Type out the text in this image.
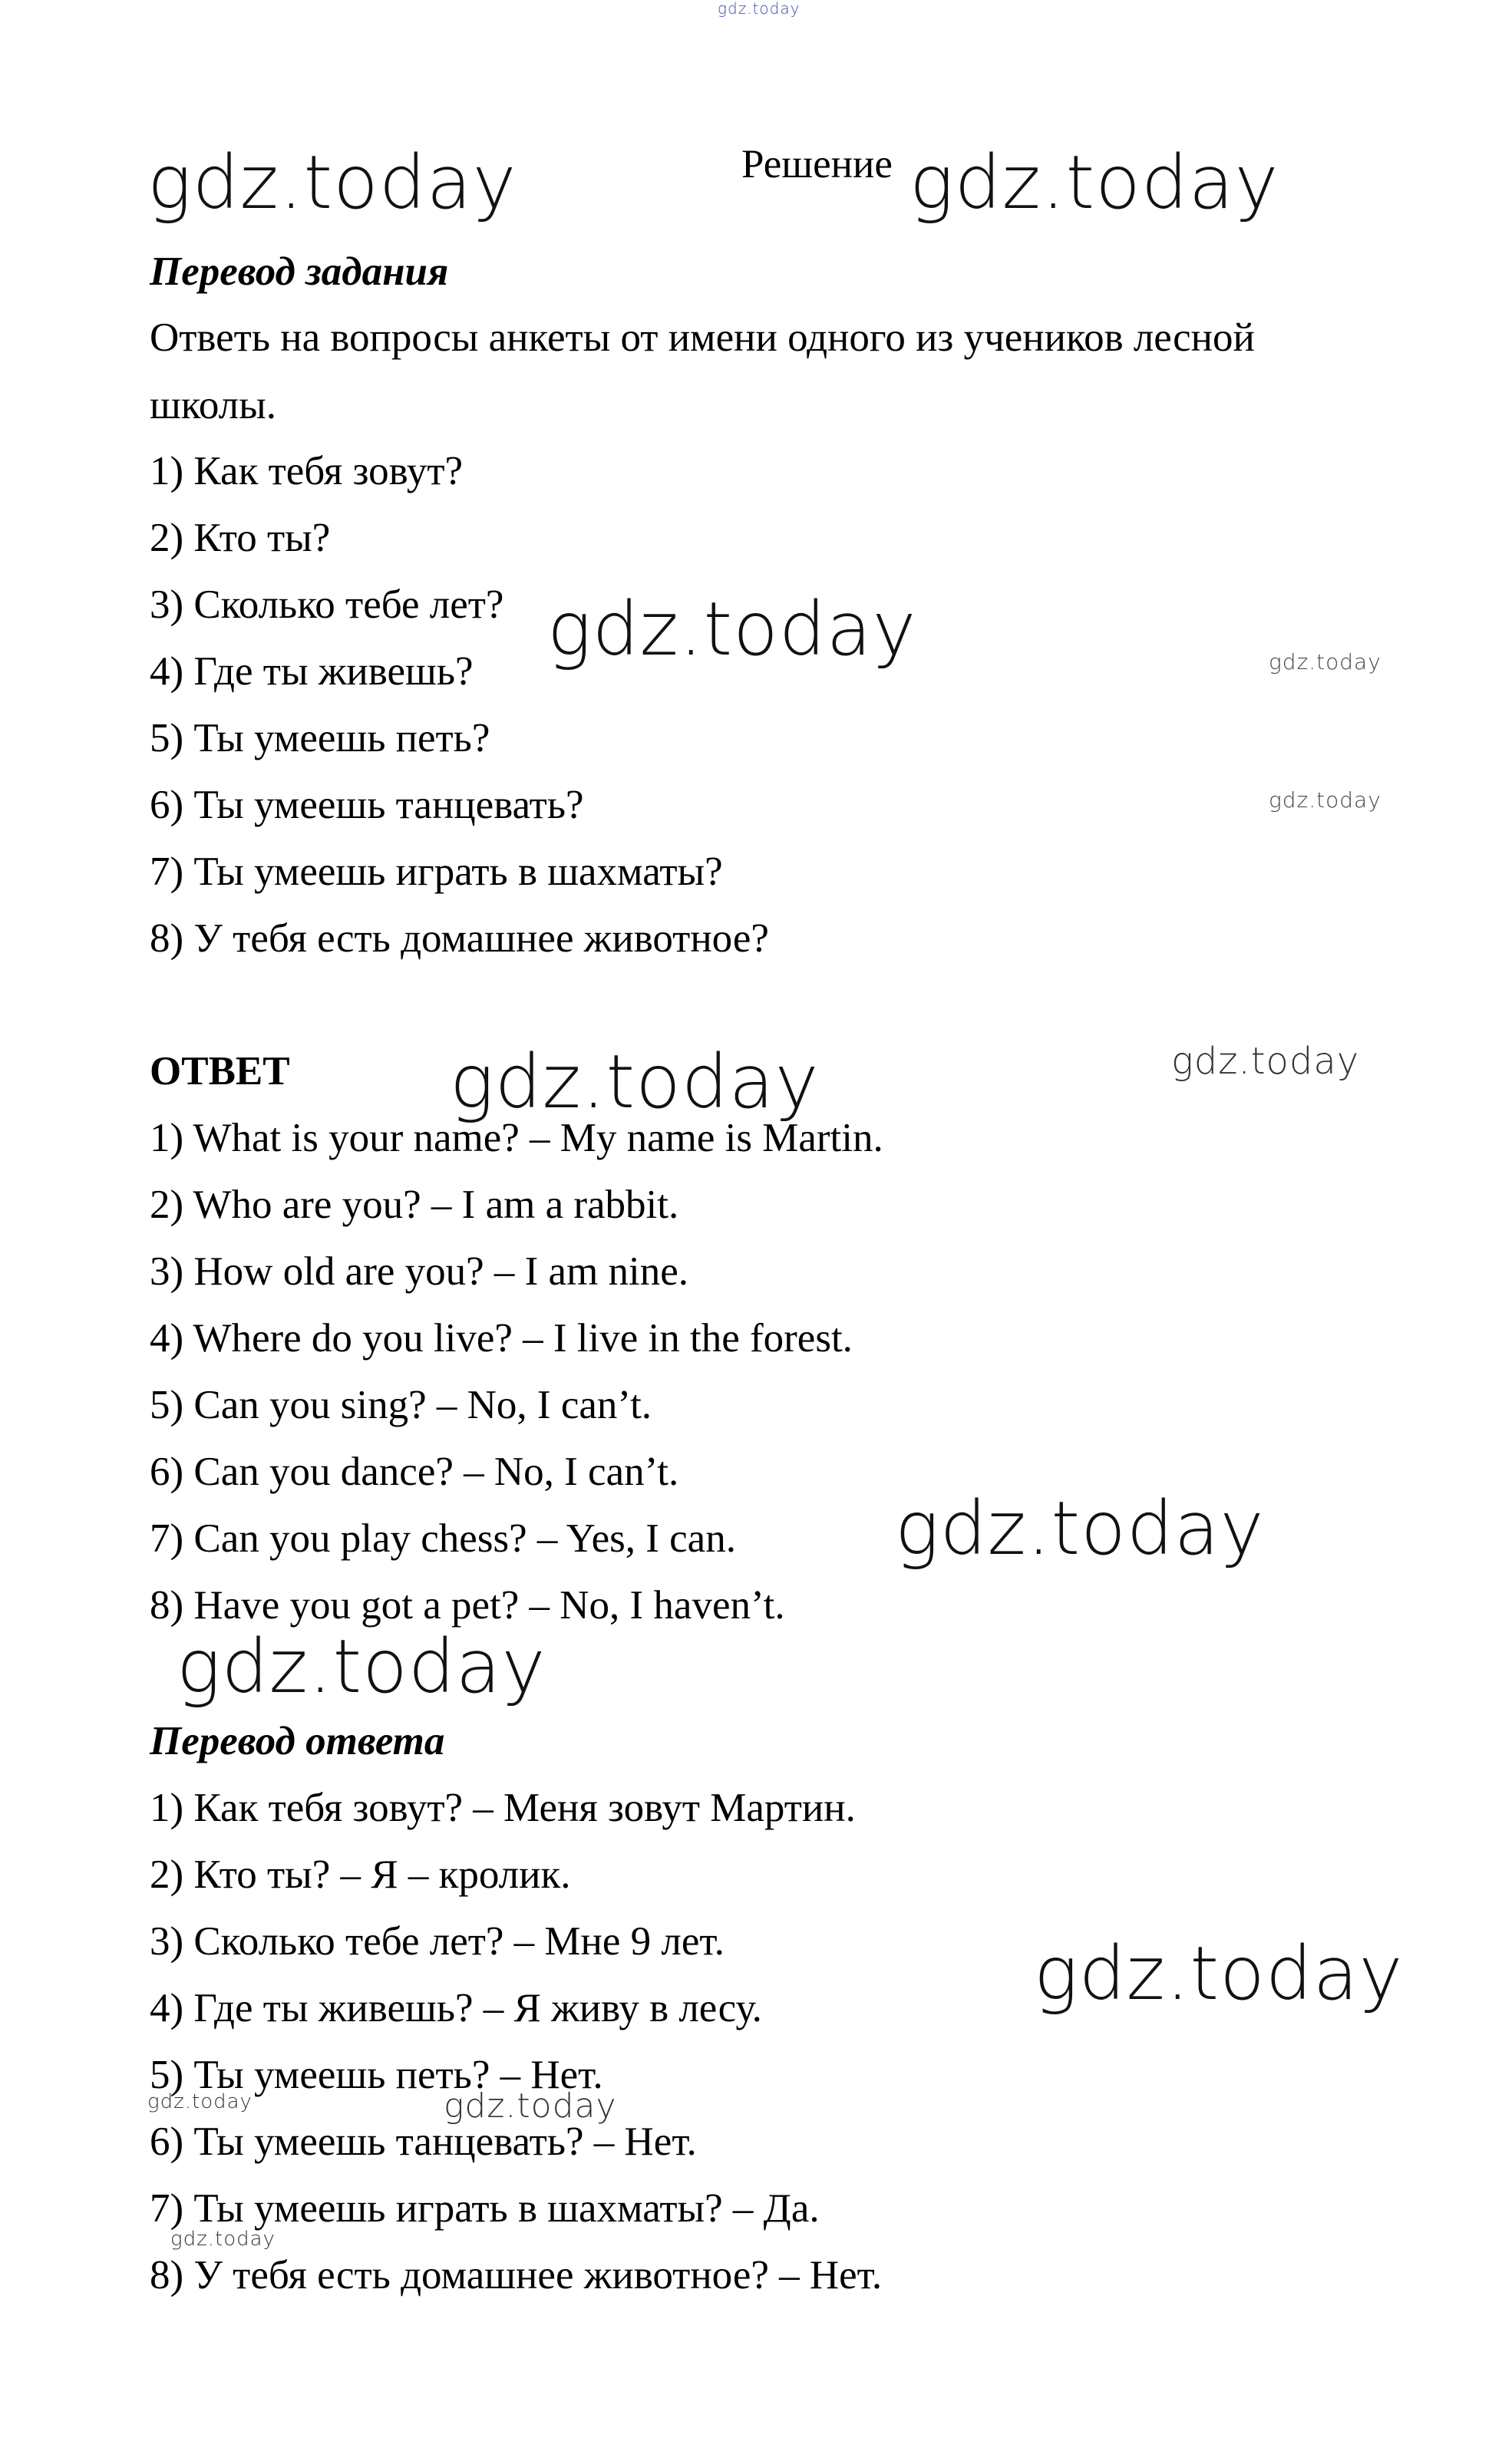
gdz.today
gdz.today	gdz.today
gdz.today	gdz.today
gdz.today
gdz.today	gdz.today
gdz.today
gdz.today
gdz.today
gdz.today	gdz.today
gdz.today
Решение
Перевод задания
Ответь на вопросы анкеты от имени одного из учеников лесной
школы.
1) Как тебя зовут?
2) Кто ты?
3) Сколько тебе лет?
4) Где ты живешь?
5) Ты умеешь петь?
6) Ты умеешь танцевать?
7) Ты умеешь играть в шахматы?
8) У тебя есть домашнее животное?
ОТВЕТ
1) What is your name? – My name is Martin.
2) Who are you? – I am a rabbit.
3) How old are you? – I am nine.
4) Where do you live? – I live in the forest.
5) Can you sing? – No, I can’t.
6) Can you dance? – No, I can’t.
7) Can you play chess? – Yes, I can.
8) Have you got a pet? – No, I haven’t.
Перевод ответа
1) Как тебя зовут? – Меня зовут Мартин.
2) Кто ты? – Я – кролик.
3) Сколько тебе лет? – Мне 9 лет.
4) Где ты живешь? – Я живу в лесу.
5) Ты умеешь петь? – Нет.
6) Ты умеешь танцевать? – Нет.
7) Ты умеешь играть в шахматы? – Да.
8) У тебя есть домашнее животное? – Нет.
